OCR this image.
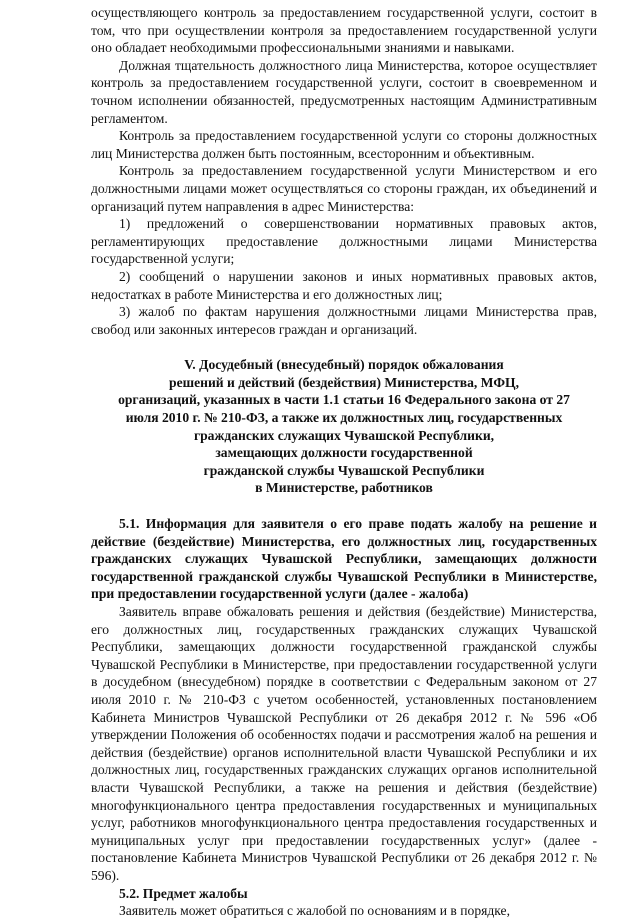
осуществляющего контроль за предоставлением государственной услуги, состоит в том, что при осуществлении контроля за предоставлением государственной услуги оно обладает необходимыми профессиональными знаниями и навыками.

Должная тщательность должностного лица Министерства, которое осуществляет контроль за предоставлением государственной услуги, состоит в своевременном и точном исполнении обязанностей, предусмотренных настоящим Административным регламентом.

Контроль за предоставлением государственной услуги со стороны должностных лиц Министерства должен быть постоянным, всесторонним и объективным.

Контроль за предоставлением государственной услуги Министерством и его должностными лицами может осуществляться со стороны граждан, их объединений и организаций путем направления в адрес Министерства:

1) предложений о совершенствовании нормативных правовых актов, регламентирующих предоставление должностными лицами Министерства государственной услуги;

2) сообщений о нарушении законов и иных нормативных правовых актов, недостатках в работе Министерства и его должностных лиц;

3) жалоб по фактам нарушения должностными лицами Министерства прав, свобод или законных интересов граждан и организаций.

V. Досудебный (внесудебный) порядок обжалования
решений и действий (бездействия) Министерства, МФЦ,
организаций, указанных в части 1.1 статьи 16 Федерального закона от 27
июля 2010 г. № 210-ФЗ, а также их должностных лиц, государственных
гражданских служащих Чувашской Республики,
замещающих должности государственной
гражданской службы Чувашской Республики
в Министерстве, работников

5.1. Информация для заявителя о его праве подать жалобу на решение и действие (бездействие) Министерства, его должностных лиц, государственных гражданских служащих Чувашской Республики, замещающих должности государственной гражданской службы Чувашской Республики в Министерстве, при предоставлении государственной услуги (далее - жалоба)

Заявитель вправе обжаловать решения и действия (бездействие) Министерства, его должностных лиц, государственных гражданских служащих Чувашской Республики, замещающих должности государственной гражданской службы Чувашской Республики в Министерстве, при предоставлении государственной услуги в досудебном (внесудебном) порядке в соответствии с Федеральным законом от 27 июля 2010 г. № 210-ФЗ с учетом особенностей, установленных постановлением Кабинета Министров Чувашской Республики от 26 декабря 2012 г. № 596 «Об утверждении Положения об особенностях подачи и рассмотрения жалоб на решения и действия (бездействие) органов исполнительной власти Чувашской Республики и их должностных лиц, государственных гражданских служащих органов исполнительной власти Чувашской Республики, а также на решения и действия (бездействие) многофункционального центра предоставления государственных и муниципальных услуг, работников многофункционального центра предоставления государственных и муниципальных услуг при предоставлении государственных услуг» (далее - постановление Кабинета Министров Чувашской Республики от 26 декабря 2012 г. № 596).

5.2. Предмет жалобы

Заявитель может обратиться с жалобой по основаниям и в порядке,
